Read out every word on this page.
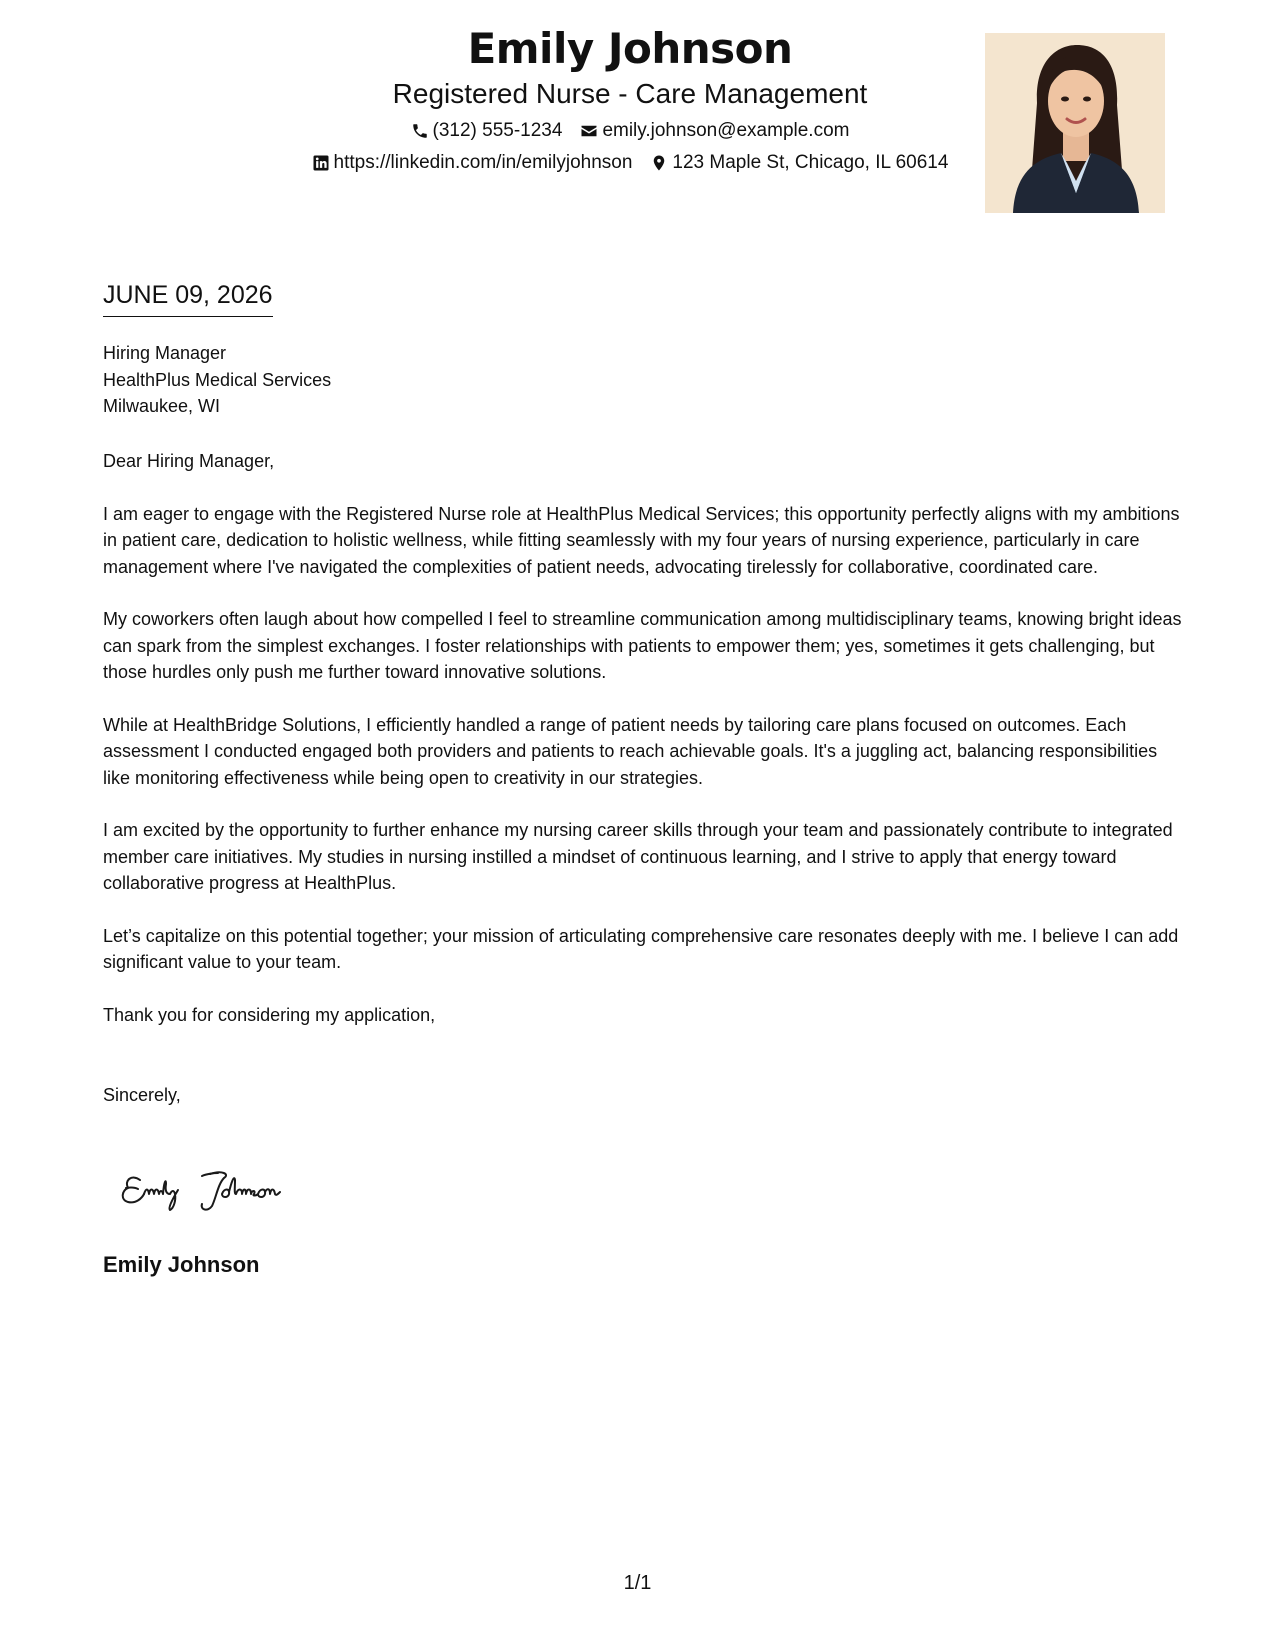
Emily Johnson
Registered Nurse - Care Management
(312) 555-1234 emily.johnson@example.com
https://linkedin.com/in/emilyjohnson 123 Maple St, Chicago, IL 60614
JUNE 09, 2026
Hiring Manager
HealthPlus Medical Services
Milwaukee, WI

Dear Hiring Manager,

I am eager to engage with the Registered Nurse role at HealthPlus Medical Services; this opportunity perfectly aligns with my ambitions in patient care, dedication to holistic wellness, while fitting seamlessly with my four years of nursing experience, particularly in care management where I've navigated the complexities of patient needs, advocating tirelessly for collaborative, coordinated care.

My coworkers often laugh about how compelled I feel to streamline communication among multidisciplinary teams, knowing bright ideas can spark from the simplest exchanges. I foster relationships with patients to empower them; yes, sometimes it gets challenging, but those hurdles only push me further toward innovative solutions.

While at HealthBridge Solutions, I efficiently handled a range of patient needs by tailoring care plans focused on outcomes. Each assessment I conducted engaged both providers and patients to reach achievable goals. It's a juggling act, balancing responsibilities like monitoring effectiveness while being open to creativity in our strategies.

I am excited by the opportunity to further enhance my nursing career skills through your team and passionately contribute to integrated member care initiatives. My studies in nursing instilled a mindset of continuous learning, and I strive to apply that energy toward collaborative progress at HealthPlus.

Let’s capitalize on this potential together; your mission of articulating comprehensive care resonates deeply with me. I believe I can add significant value to your team.

Thank you for considering my application,

Sincerely,

Emily Johnson
1/1
